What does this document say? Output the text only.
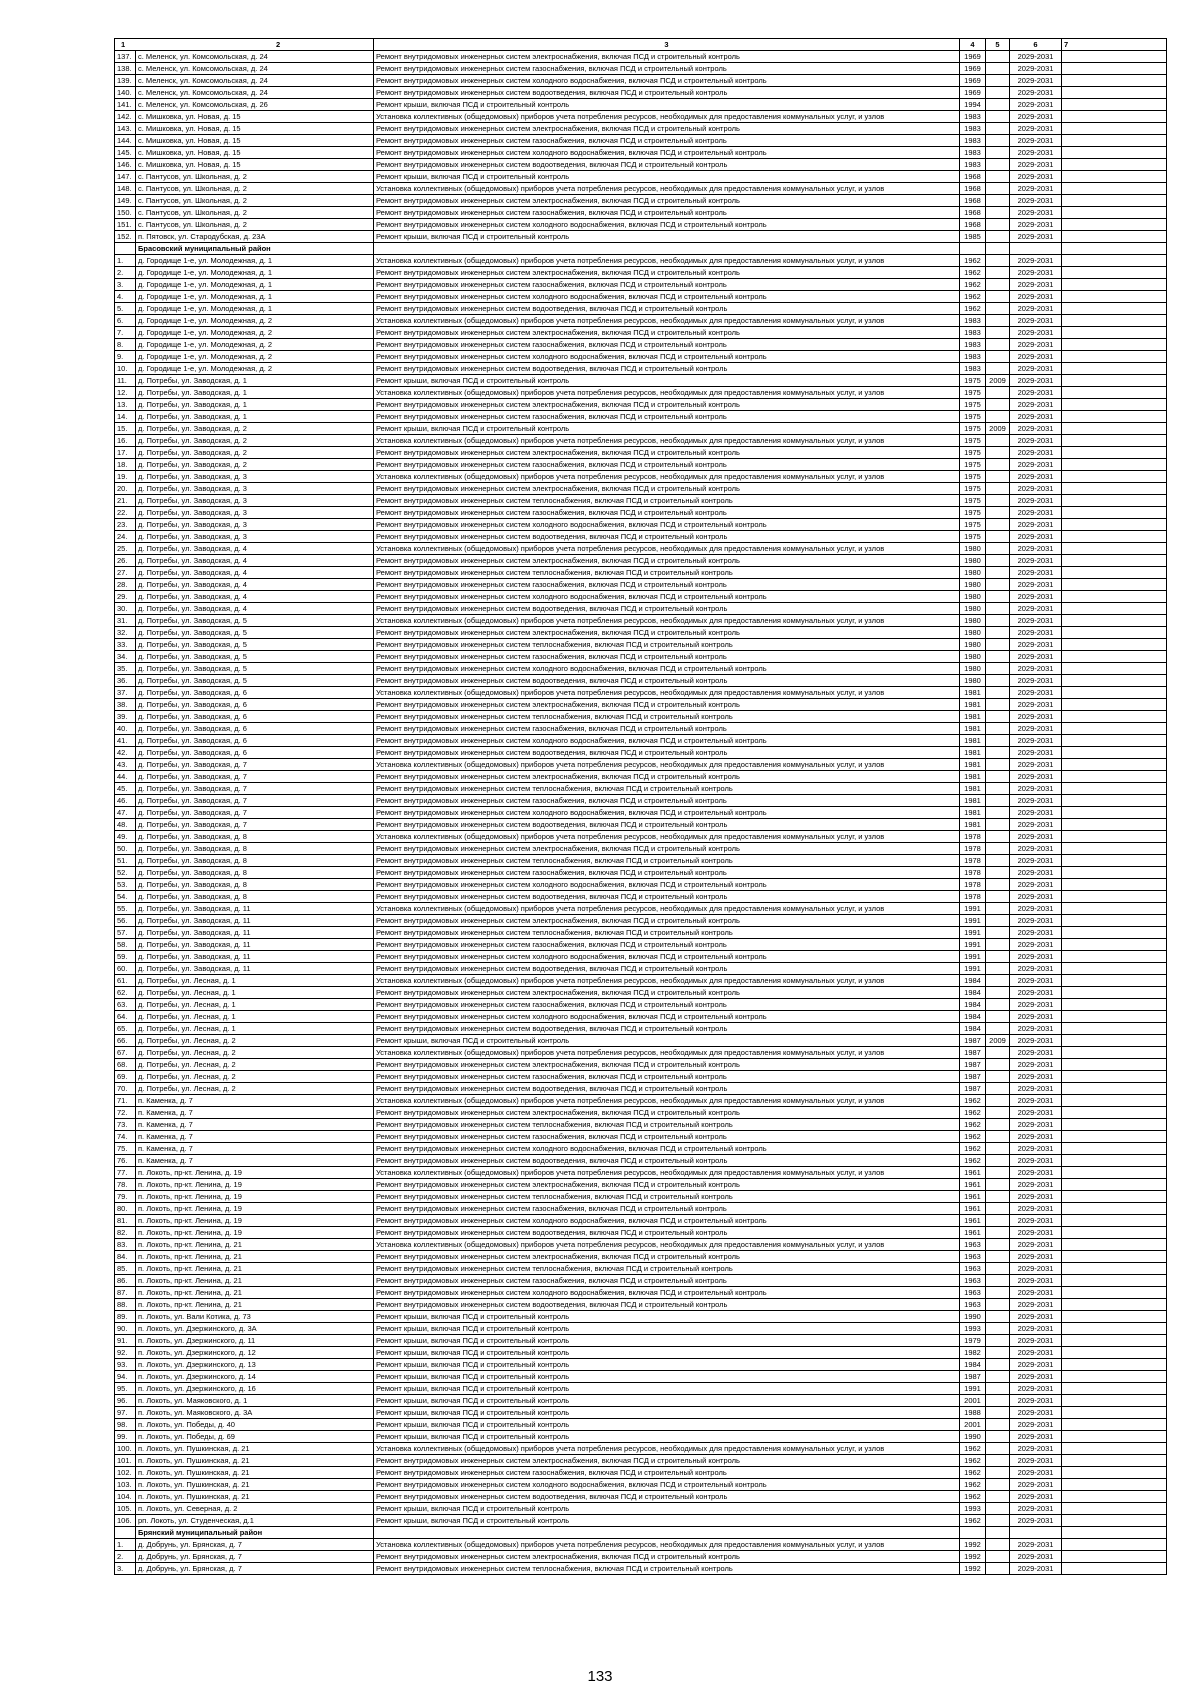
1 2		3	4	5	6	7
137.	с. Меленск, ул. Комсомольская, д. 24	Ремонт внутридомовых инженерных систем электроснабжения, включая ПСД и строительный контроль	1969		2029-2031	
138.	с. Меленск, ул. Комсомольская, д. 24	Ремонт внутридомовых инженерных систем газоснабжения, включая ПСД и строительный контроль	1969		2029-2031	
139.	с. Меленск, ул. Комсомольская, д. 24	Ремонт внутридомовых инженерных систем холодного водоснабжения, включая ПСД и строительный контроль	1969		2029-2031	
140.	с. Меленск, ул. Комсомольская, д. 24	Ремонт внутридомовых инженерных систем водоотведения, включая ПСД и строительный контроль	1969		2029-2031	
141.	с. Меленск, ул. Комсомольская, д. 26	Ремонт крыши, включая ПСД и строительный контроль	1994		2029-2031	
142.	с. Мишковка, ул. Новая, д. 15	Установка коллективных (общедомовых) приборов учета потребления ресурсов, необходимых для предоставления коммунальных услуг, и узлов	1983		2029-2031	
143.	с. Мишковка, ул. Новая, д. 15	Ремонт внутридомовых инженерных систем электроснабжения, включая ПСД и строительный контроль	1983		2029-2031	
144.	с. Мишковка, ул. Новая, д. 15	Ремонт внутридомовых инженерных систем газоснабжения, включая ПСД и строительный контроль	1983		2029-2031	
145.	с. Мишковка, ул. Новая, д. 15	Ремонт внутридомовых инженерных систем холодного водоснабжения, включая ПСД и строительный контроль	1983		2029-2031	
146.	с. Мишковка, ул. Новая, д. 15	Ремонт внутридомовых инженерных систем водоотведения, включая ПСД и строительный контроль	1983		2029-2031	
147.	с. Пантусов, ул. Школьная, д. 2	Ремонт крыши, включая ПСД и строительный контроль	1968		2029-2031	
148.	с. Пантусов, ул. Школьная, д. 2	Установка коллективных (общедомовых) приборов учета потребления ресурсов, необходимых для предоставления коммунальных услуг, и узлов	1968		2029-2031	
149.	с. Пантусов, ул. Школьная, д. 2	Ремонт внутридомовых инженерных систем электроснабжения, включая ПСД и строительный контроль	1968		2029-2031	
150.	с. Пантусов, ул. Школьная, д. 2	Ремонт внутридомовых инженерных систем газоснабжения, включая ПСД и строительный контроль	1968		2029-2031	
151.	с. Пантусов, ул. Школьная, д. 2	Ремонт внутридомовых инженерных систем холодного водоснабжения, включая ПСД и строительный контроль	1968		2029-2031	
152.	п. Пятовск, ул. Стародубская, д. 23А	Ремонт крыши, включая ПСД и строительный контроль	1985		2029-2031	
	Брасовский муниципальный район					
1.	д. Городище 1-е, ул. Молодежная, д. 1	Установка коллективных (общедомовых) приборов учета потребления ресурсов, необходимых для предоставления коммунальных услуг, и узлов	1962		2029-2031	
2.	д. Городище 1-е, ул. Молодежная, д. 1	Ремонт внутридомовых инженерных систем электроснабжения, включая ПСД и строительный контроль	1962		2029-2031	
3.	д. Городище 1-е, ул. Молодежная, д. 1	Ремонт внутридомовых инженерных систем газоснабжения, включая ПСД и строительный контроль	1962		2029-2031	
4.	д. Городище 1-е, ул. Молодежная, д. 1	Ремонт внутридомовых инженерных систем холодного водоснабжения, включая ПСД и строительный контроль	1962		2029-2031	
5.	д. Городище 1-е, ул. Молодежная, д. 1	Ремонт внутридомовых инженерных систем водоотведения, включая ПСД и строительный контроль	1962		2029-2031	
6.	д. Городище 1-е, ул. Молодежная, д. 2	Установка коллективных (общедомовых) приборов учета потребления ресурсов, необходимых для предоставления коммунальных услуг, и узлов	1983		2029-2031	
7.	д. Городище 1-е, ул. Молодежная, д. 2	Ремонт внутридомовых инженерных систем электроснабжения, включая ПСД и строительный контроль	1983		2029-2031	
8.	д. Городище 1-е, ул. Молодежная, д. 2	Ремонт внутридомовых инженерных систем газоснабжения, включая ПСД и строительный контроль	1983		2029-2031	
9.	д. Городище 1-е, ул. Молодежная, д. 2	Ремонт внутридомовых инженерных систем холодного водоснабжения, включая ПСД и строительный контроль	1983		2029-2031	
10.	д. Городище 1-е, ул. Молодежная, д. 2	Ремонт внутридомовых инженерных систем водоотведения, включая ПСД и строительный контроль	1983		2029-2031	
11.	д. Потребы, ул. Заводская, д. 1	Ремонт крыши, включая ПСД и строительный контроль	1975	2009	2029-2031	
12.	д. Потребы, ул. Заводская, д. 1	Установка коллективных (общедомовых) приборов учета потребления ресурсов, необходимых для предоставления коммунальных услуг, и узлов	1975		2029-2031	
13.	д. Потребы, ул. Заводская, д. 1	Ремонт внутридомовых инженерных систем электроснабжения, включая ПСД и строительный контроль	1975		2029-2031	
14.	д. Потребы, ул. Заводская, д. 1	Ремонт внутридомовых инженерных систем газоснабжения, включая ПСД и строительный контроль	1975		2029-2031	
15.	д. Потребы, ул. Заводская, д. 2	Ремонт крыши, включая ПСД и строительный контроль	1975	2009	2029-2031	
16.	д. Потребы, ул. Заводская, д. 2	Установка коллективных (общедомовых) приборов учета потребления ресурсов, необходимых для предоставления коммунальных услуг, и узлов	1975		2029-2031	
17.	д. Потребы, ул. Заводская, д. 2	Ремонт внутридомовых инженерных систем электроснабжения, включая ПСД и строительный контроль	1975		2029-2031	
18.	д. Потребы, ул. Заводская, д. 2	Ремонт внутридомовых инженерных систем газоснабжения, включая ПСД и строительный контроль	1975		2029-2031	
19.	д. Потребы, ул. Заводская, д. 3	Установка коллективных (общедомовых) приборов учета потребления ресурсов, необходимых для предоставления коммунальных услуг, и узлов	1975		2029-2031	
20.	д. Потребы, ул. Заводская, д. 3	Ремонт внутридомовых инженерных систем электроснабжения, включая ПСД и строительный контроль	1975		2029-2031	
21.	д. Потребы, ул. Заводская, д. 3	Ремонт внутридомовых инженерных систем теплоснабжения, включая ПСД и строительный контроль	1975		2029-2031	
22.	д. Потребы, ул. Заводская, д. 3	Ремонт внутридомовых инженерных систем газоснабжения, включая ПСД и строительный контроль	1975		2029-2031	
23.	д. Потребы, ул. Заводская, д. 3	Ремонт внутридомовых инженерных систем холодного водоснабжения, включая ПСД и строительный контроль	1975		2029-2031	
24.	д. Потребы, ул. Заводская, д. 3	Ремонт внутридомовых инженерных систем водоотведения, включая ПСД и строительный контроль	1975		2029-2031	
25.	д. Потребы, ул. Заводская, д. 4	Установка коллективных (общедомовых) приборов учета потребления ресурсов, необходимых для предоставления коммунальных услуг, и узлов	1980		2029-2031	
26.	д. Потребы, ул. Заводская, д. 4	Ремонт внутридомовых инженерных систем электроснабжения, включая ПСД и строительный контроль	1980		2029-2031	
27.	д. Потребы, ул. Заводская, д. 4	Ремонт внутридомовых инженерных систем теплоснабжения, включая ПСД и строительный контроль	1980		2029-2031	
28.	д. Потребы, ул. Заводская, д. 4	Ремонт внутридомовых инженерных систем газоснабжения, включая ПСД и строительный контроль	1980		2029-2031	
29.	д. Потребы, ул. Заводская, д. 4	Ремонт внутридомовых инженерных систем холодного водоснабжения, включая ПСД и строительный контроль	1980		2029-2031	
30.	д. Потребы, ул. Заводская, д. 4	Ремонт внутридомовых инженерных систем водоотведения, включая ПСД и строительный контроль	1980		2029-2031	
31.	д. Потребы, ул. Заводская, д. 5	Установка коллективных (общедомовых) приборов учета потребления ресурсов, необходимых для предоставления коммунальных услуг, и узлов	1980		2029-2031	
32.	д. Потребы, ул. Заводская, д. 5	Ремонт внутридомовых инженерных систем электроснабжения, включая ПСД и строительный контроль	1980		2029-2031	
33.	д. Потребы, ул. Заводская, д. 5	Ремонт внутридомовых инженерных систем теплоснабжения, включая ПСД и строительный контроль	1980		2029-2031	
34.	д. Потребы, ул. Заводская, д. 5	Ремонт внутридомовых инженерных систем газоснабжения, включая ПСД и строительный контроль	1980		2029-2031	
35.	д. Потребы, ул. Заводская, д. 5	Ремонт внутридомовых инженерных систем холодного водоснабжения, включая ПСД и строительный контроль	1980		2029-2031	
36.	д. Потребы, ул. Заводская, д. 5	Ремонт внутридомовых инженерных систем водоотведения, включая ПСД и строительный контроль	1980		2029-2031	
37.	д. Потребы, ул. Заводская, д. 6	Установка коллективных (общедомовых) приборов учета потребления ресурсов, необходимых для предоставления коммунальных услуг, и узлов	1981		2029-2031	
38.	д. Потребы, ул. Заводская, д. 6	Ремонт внутридомовых инженерных систем электроснабжения, включая ПСД и строительный контроль	1981		2029-2031	
39.	д. Потребы, ул. Заводская, д. 6	Ремонт внутридомовых инженерных систем теплоснабжения, включая ПСД и строительный контроль	1981		2029-2031	
40.	д. Потребы, ул. Заводская, д. 6	Ремонт внутридомовых инженерных систем газоснабжения, включая ПСД и строительный контроль	1981		2029-2031	
41.	д. Потребы, ул. Заводская, д. 6	Ремонт внутридомовых инженерных систем холодного водоснабжения, включая ПСД и строительный контроль	1981		2029-2031	
42.	д. Потребы, ул. Заводская, д. 6	Ремонт внутридомовых инженерных систем водоотведения, включая ПСД и строительный контроль	1981		2029-2031	
43.	д. Потребы, ул. Заводская, д. 7	Установка коллективных (общедомовых) приборов учета потребления ресурсов, необходимых для предоставления коммунальных услуг, и узлов	1981		2029-2031	
44.	д. Потребы, ул. Заводская, д. 7	Ремонт внутридомовых инженерных систем электроснабжения, включая ПСД и строительный контроль	1981		2029-2031	
45.	д. Потребы, ул. Заводская, д. 7	Ремонт внутридомовых инженерных систем теплоснабжения, включая ПСД и строительный контроль	1981		2029-2031	
46.	д. Потребы, ул. Заводская, д. 7	Ремонт внутридомовых инженерных систем газоснабжения, включая ПСД и строительный контроль	1981		2029-2031	
47.	д. Потребы, ул. Заводская, д. 7	Ремонт внутридомовых инженерных систем холодного водоснабжения, включая ПСД и строительный контроль	1981		2029-2031	
48.	д. Потребы, ул. Заводская, д. 7	Ремонт внутридомовых инженерных систем водоотведения, включая ПСД и строительный контроль	1981		2029-2031	
49.	д. Потребы, ул. Заводская, д. 8	Установка коллективных (общедомовых) приборов учета потребления ресурсов, необходимых для предоставления коммунальных услуг, и узлов	1978		2029-2031	
50.	д. Потребы, ул. Заводская, д. 8	Ремонт внутридомовых инженерных систем электроснабжения, включая ПСД и строительный контроль	1978		2029-2031	
51.	д. Потребы, ул. Заводская, д. 8	Ремонт внутридомовых инженерных систем теплоснабжения, включая ПСД и строительный контроль	1978		2029-2031	
52.	д. Потребы, ул. Заводская, д. 8	Ремонт внутридомовых инженерных систем газоснабжения, включая ПСД и строительный контроль	1978		2029-2031	
53.	д. Потребы, ул. Заводская, д. 8	Ремонт внутридомовых инженерных систем холодного водоснабжения, включая ПСД и строительный контроль	1978		2029-2031	
54.	д. Потребы, ул. Заводская, д. 8	Ремонт внутридомовых инженерных систем водоотведения, включая ПСД и строительный контроль	1978		2029-2031	
55.	д. Потребы, ул. Заводская, д. 11	Установка коллективных (общедомовых) приборов учета потребления ресурсов, необходимых для предоставления коммунальных услуг, и узлов	1991		2029-2031	
56.	д. Потребы, ул. Заводская, д. 11	Ремонт внутридомовых инженерных систем электроснабжения, включая ПСД и строительный контроль	1991		2029-2031	
57.	д. Потребы, ул. Заводская, д. 11	Ремонт внутридомовых инженерных систем теплоснабжения, включая ПСД и строительный контроль	1991		2029-2031	
58.	д. Потребы, ул. Заводская, д. 11	Ремонт внутридомовых инженерных систем газоснабжения, включая ПСД и строительный контроль	1991		2029-2031	
59.	д. Потребы, ул. Заводская, д. 11	Ремонт внутридомовых инженерных систем холодного водоснабжения, включая ПСД и строительный контроль	1991		2029-2031	
60.	д. Потребы, ул. Заводская, д. 11	Ремонт внутридомовых инженерных систем водоотведения, включая ПСД и строительный контроль	1991		2029-2031	
61.	д. Потребы, ул. Лесная, д. 1	Установка коллективных (общедомовых) приборов учета потребления ресурсов, необходимых для предоставления коммунальных услуг, и узлов	1984		2029-2031	
62.	д. Потребы, ул. Лесная, д. 1	Ремонт внутридомовых инженерных систем электроснабжения, включая ПСД и строительный контроль	1984		2029-2031	
63.	д. Потребы, ул. Лесная, д. 1	Ремонт внутридомовых инженерных систем газоснабжения, включая ПСД и строительный контроль	1984		2029-2031	
64.	д. Потребы, ул. Лесная, д. 1	Ремонт внутридомовых инженерных систем холодного водоснабжения, включая ПСД и строительный контроль	1984		2029-2031	
65.	д. Потребы, ул. Лесная, д. 1	Ремонт внутридомовых инженерных систем водоотведения, включая ПСД и строительный контроль	1984		2029-2031	
66.	д. Потребы, ул. Лесная, д. 2	Ремонт крыши, включая ПСД и строительный контроль	1987	2009	2029-2031	
67.	д. Потребы, ул. Лесная, д. 2	Установка коллективных (общедомовых) приборов учета потребления ресурсов, необходимых для предоставления коммунальных услуг, и узлов	1987		2029-2031	
68.	д. Потребы, ул. Лесная, д. 2	Ремонт внутридомовых инженерных систем электроснабжения, включая ПСД и строительный контроль	1987		2029-2031	
69.	д. Потребы, ул. Лесная, д. 2	Ремонт внутридомовых инженерных систем газоснабжения, включая ПСД и строительный контроль	1987		2029-2031	
70.	д. Потребы, ул. Лесная, д. 2	Ремонт внутридомовых инженерных систем водоотведения, включая ПСД и строительный контроль	1987		2029-2031	
71.	п. Каменка, д. 7	Установка коллективных (общедомовых) приборов учета потребления ресурсов, необходимых для предоставления коммунальных услуг, и узлов	1962		2029-2031	
72.	п. Каменка, д. 7	Ремонт внутридомовых инженерных систем электроснабжения, включая ПСД и строительный контроль	1962		2029-2031	
73.	п. Каменка, д. 7	Ремонт внутридомовых инженерных систем теплоснабжения, включая ПСД и строительный контроль	1962		2029-2031	
74.	п. Каменка, д. 7	Ремонт внутридомовых инженерных систем газоснабжения, включая ПСД и строительный контроль	1962		2029-2031	
75.	п. Каменка, д. 7	Ремонт внутридомовых инженерных систем холодного водоснабжения, включая ПСД и строительный контроль	1962		2029-2031	
76.	п. Каменка, д. 7	Ремонт внутридомовых инженерных систем водоотведения, включая ПСД и строительный контроль	1962		2029-2031	
77.	п. Локоть, пр-кт. Ленина, д. 19	Установка коллективных (общедомовых) приборов учета потребления ресурсов, необходимых для предоставления коммунальных услуг, и узлов	1961		2029-2031	
78.	п. Локоть, пр-кт. Ленина, д. 19	Ремонт внутридомовых инженерных систем электроснабжения, включая ПСД и строительный контроль	1961		2029-2031	
79.	п. Локоть, пр-кт. Ленина, д. 19	Ремонт внутридомовых инженерных систем теплоснабжения, включая ПСД и строительный контроль	1961		2029-2031	
80.	п. Локоть, пр-кт. Ленина, д. 19	Ремонт внутридомовых инженерных систем газоснабжения, включая ПСД и строительный контроль	1961		2029-2031	
81.	п. Локоть, пр-кт. Ленина, д. 19	Ремонт внутридомовых инженерных систем холодного водоснабжения, включая ПСД и строительный контроль	1961		2029-2031	
82.	п. Локоть, пр-кт. Ленина, д. 19	Ремонт внутридомовых инженерных систем водоотведения, включая ПСД и строительный контроль	1961		2029-2031	
83.	п. Локоть, пр-кт. Ленина, д. 21	Установка коллективных (общедомовых) приборов учета потребления ресурсов, необходимых для предоставления коммунальных услуг, и узлов	1963		2029-2031	
84.	п. Локоть, пр-кт. Ленина, д. 21	Ремонт внутридомовых инженерных систем электроснабжения, включая ПСД и строительный контроль	1963		2029-2031	
85.	п. Локоть, пр-кт. Ленина, д. 21	Ремонт внутридомовых инженерных систем теплоснабжения, включая ПСД и строительный контроль	1963		2029-2031	
86.	п. Локоть, пр-кт. Ленина, д. 21	Ремонт внутридомовых инженерных систем газоснабжения, включая ПСД и строительный контроль	1963		2029-2031	
87.	п. Локоть, пр-кт. Ленина, д. 21	Ремонт внутридомовых инженерных систем холодного водоснабжения, включая ПСД и строительный контроль	1963		2029-2031	
88.	п. Локоть, пр-кт. Ленина, д. 21	Ремонт внутридомовых инженерных систем водоотведения, включая ПСД и строительный контроль	1963		2029-2031	
89.	п. Локоть, ул. Вали Котика, д. 73	Ремонт крыши, включая ПСД и строительный контроль	1990		2029-2031	
90.	п. Локоть, ул. Дзержинского, д. 3А	Ремонт крыши, включая ПСД и строительный контроль	1993		2029-2031	
91.	п. Локоть, ул. Дзержинского, д. 11	Ремонт крыши, включая ПСД и строительный контроль	1979		2029-2031	
92.	п. Локоть, ул. Дзержинского, д. 12	Ремонт крыши, включая ПСД и строительный контроль	1982		2029-2031	
93.	п. Локоть, ул. Дзержинского, д. 13	Ремонт крыши, включая ПСД и строительный контроль	1984		2029-2031	
94.	п. Локоть, ул. Дзержинского, д. 14	Ремонт крыши, включая ПСД и строительный контроль	1987		2029-2031	
95.	п. Локоть, ул. Дзержинского, д. 16	Ремонт крыши, включая ПСД и строительный контроль	1991		2029-2031	
96.	п. Локоть, ул. Маяковского, д. 1	Ремонт крыши, включая ПСД и строительный контроль	2001		2029-2031	
97.	п. Локоть, ул. Маяковского, д. 3А	Ремонт крыши, включая ПСД и строительный контроль	1988		2029-2031	
98.	п. Локоть, ул. Победы, д. 40	Ремонт крыши, включая ПСД и строительный контроль	2001		2029-2031	
99.	п. Локоть, ул. Победы, д. 69	Ремонт крыши, включая ПСД и строительный контроль	1990		2029-2031	
100.	п. Локоть, ул. Пушкинская, д. 21	Установка коллективных (общедомовых) приборов учета потребления ресурсов, необходимых для предоставления коммунальных услуг, и узлов	1962		2029-2031	
101.	п. Локоть, ул. Пушкинская, д. 21	Ремонт внутридомовых инженерных систем электроснабжения, включая ПСД и строительный контроль	1962		2029-2031	
102.	п. Локоть, ул. Пушкинская, д. 21	Ремонт внутридомовых инженерных систем газоснабжения, включая ПСД и строительный контроль	1962		2029-2031	
103.	п. Локоть, ул. Пушкинская, д. 21	Ремонт внутридомовых инженерных систем холодного водоснабжения, включая ПСД и строительный контроль	1962		2029-2031	
104.	п. Локоть, ул. Пушкинская, д. 21	Ремонт внутридомовых инженерных систем водоотведения, включая ПСД и строительный контроль	1962		2029-2031	
105.	п. Локоть, ул. Северная, д. 2	Ремонт крыши, включая ПСД и строительный контроль	1993		2029-2031	
106.	рп. Локоть, ул. Студенческая, д.1	Ремонт крыши, включая ПСД и строительный контроль	1962		2029-2031	
	Брянский муниципальный район					
1.	д. Добрунь, ул. Брянская, д. 7	Установка коллективных (общедомовых) приборов учета потребления ресурсов, необходимых для предоставления коммунальных услуг, и узлов	1992		2029-2031	
2.	д. Добрунь, ул. Брянская, д. 7	Ремонт внутридомовых инженерных систем электроснабжения, включая ПСД и строительный контроль	1992		2029-2031	
3.	д. Добрунь, ул. Брянская, д. 7	Ремонт внутридомовых инженерных систем теплоснабжения, включая ПСД и строительный контроль	1992		2029-2031	
133
